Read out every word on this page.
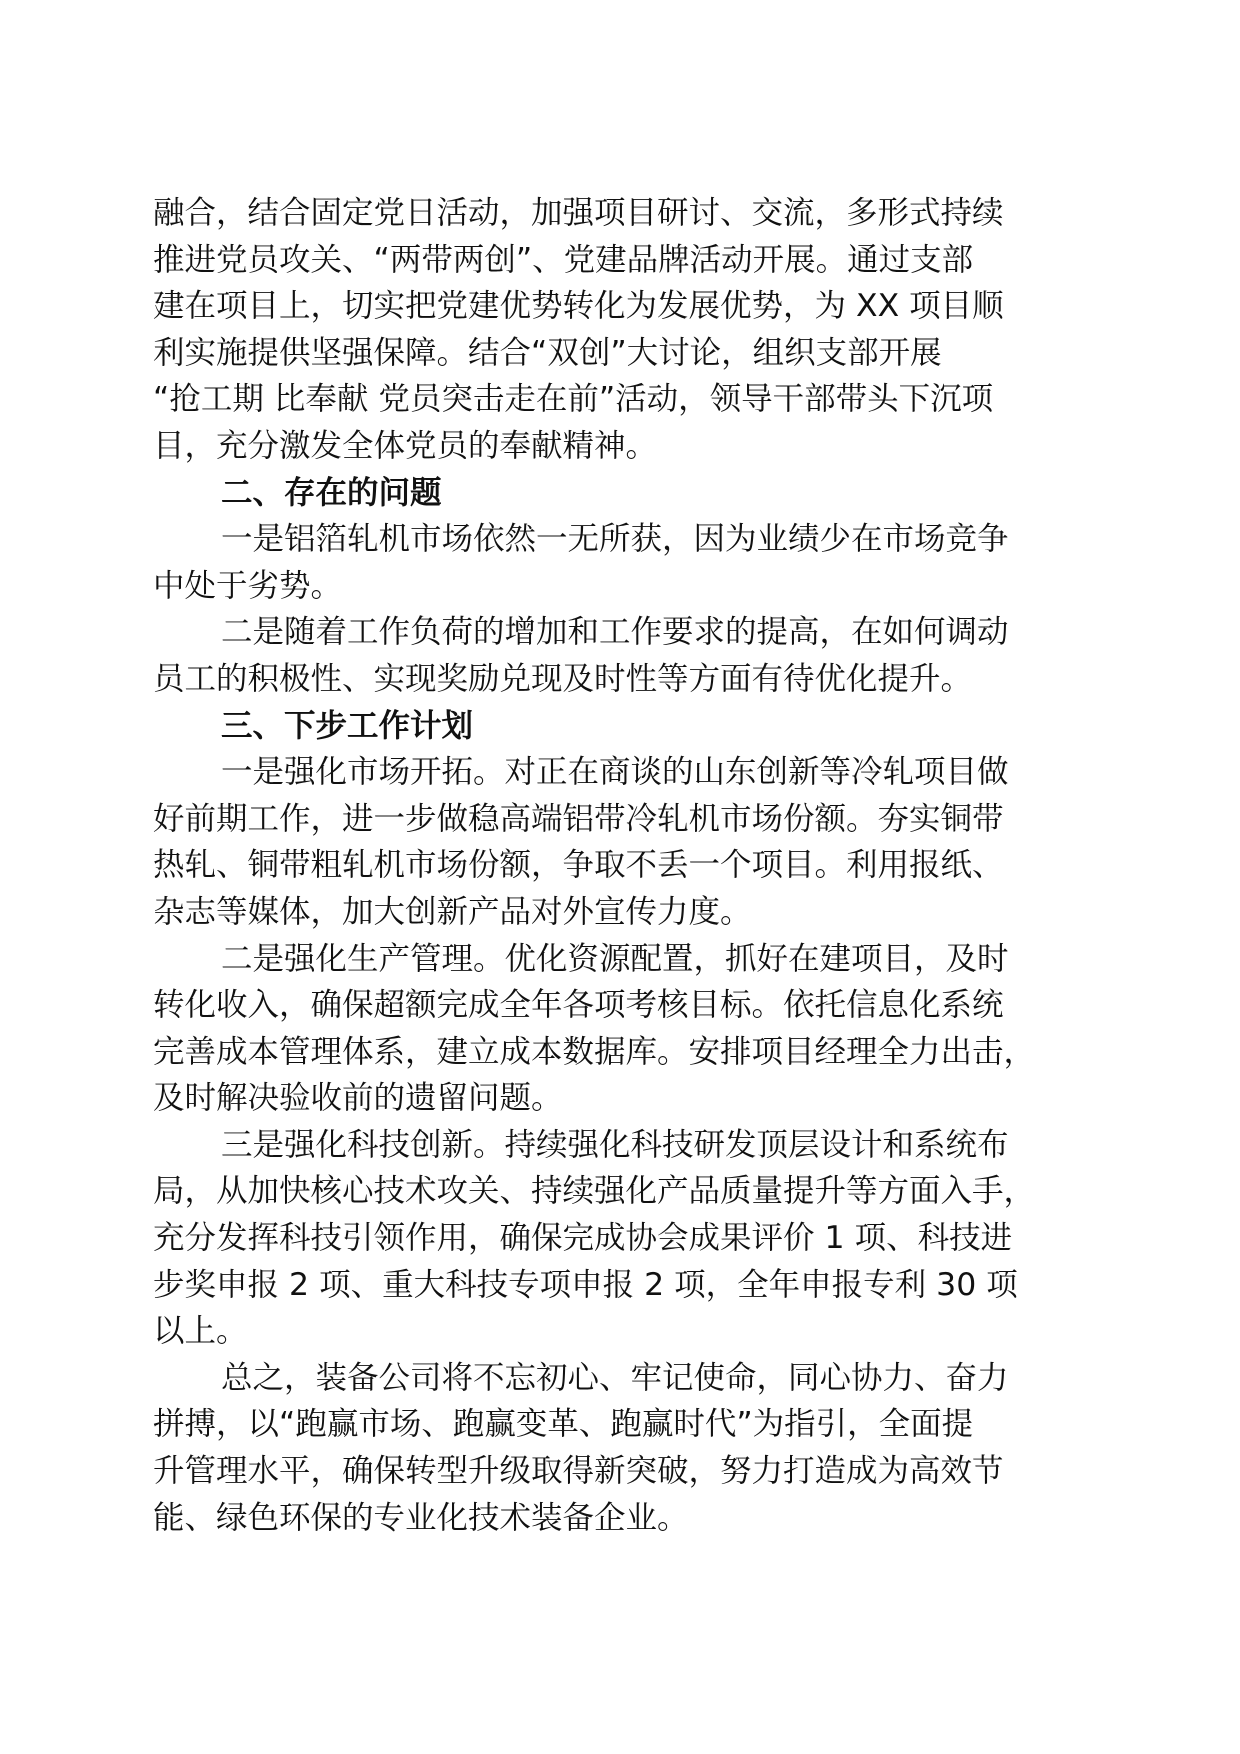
融合，结合固定党日活动，加强项目研讨、交流，多形式持续
推进党员攻关、“两带两创”、党建品牌活动开展。通过支部
建在项目上，切实把党建优势转化为发展优势，为 XX 项目顺
利实施提供坚强保障。结合“双创”大讨论，组织支部开展
“抢工期 比奉献 党员突击走在前”活动，领导干部带头下沉项
目，充分激发全体党员的奉献精神。
二、存在的问题
一是铝箔轧机市场依然一无所获，因为业绩少在市场竞争
中处于劣势。
二是随着工作负荷的增加和工作要求的提高，在如何调动
员工的积极性、实现奖励兑现及时性等方面有待优化提升。
三、下步工作计划
一是强化市场开拓。对正在商谈的山东创新等冷轧项目做
好前期工作，进一步做稳高端铝带冷轧机市场份额。夯实铜带
热轧、铜带粗轧机市场份额，争取不丢一个项目。利用报纸、
杂志等媒体，加大创新产品对外宣传力度。
二是强化生产管理。优化资源配置，抓好在建项目，及时
转化收入，确保超额完成全年各项考核目标。依托信息化系统
完善成本管理体系，建立成本数据库。安排项目经理全力出击，
及时解决验收前的遗留问题。
三是强化科技创新。持续强化科技研发顶层设计和系统布
局，从加快核心技术攻关、持续强化产品质量提升等方面入手，
充分发挥科技引领作用，确保完成协会成果评价 1 项、科技进
步奖申报 2 项、重大科技专项申报 2 项，全年申报专利 30 项
以上。
总之，装备公司将不忘初心、牢记使命，同心协力、奋力
拼搏，以“跑赢市场、跑赢变革、跑赢时代”为指引，全面提
升管理水平，确保转型升级取得新突破，努力打造成为高效节
能、绿色环保的专业化技术装备企业。
